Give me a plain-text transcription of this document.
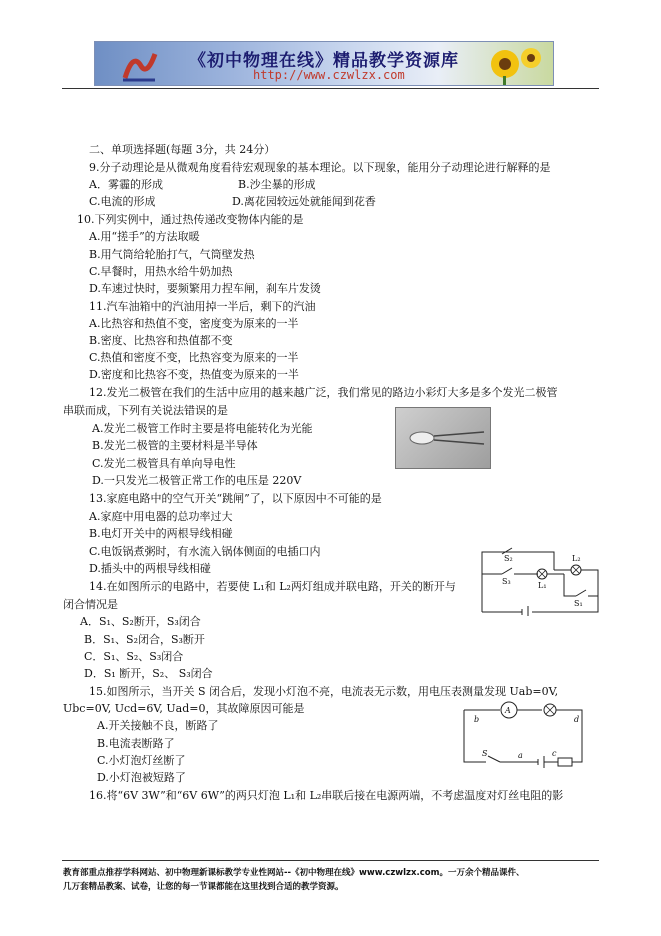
《初中物理在线》精品教学资源库
http://www.czwlzx.com
二、单项选择题(每题 3分，共 24分）
9.分子动理论是从微观角度看待宏观现象的基本理论。以下现象，能用分子动理论进行解释的是
A．雾霾的形成	B.沙尘暴的形成
C.电流的形成	D.离花园较远处就能闻到花香
10.下列实例中，通过热传递改变物体内能的是
A.用“搓手”的方法取暖
B.用气筒给轮胎打气，气筒壁发热
C.早餐时，用热水给牛奶加热
D.车速过快时，要频繁用力捏车闸，刹车片发烫
11.汽车油箱中的汽油用掉一半后，剩下的汽油
A.比热容和热值不变，密度变为原来的一半
B.密度、比热容和热值都不变
C.热值和密度不变，比热容变为原来的一半
D.密度和比热容不变，热值变为原来的一半
12.发光二极管在我们的生活中应用的越来越广泛，我们常见的路边小彩灯大多是多个发光二极管
串联而成，下列有关说法错误的是
A.发光二极管工作时主要是将电能转化为光能
B.发光二极管的主要材料是半导体
C.发光二极管具有单向导电性
D.一只发光二极管正常工作的电压是 220V
13.家庭电路中的空气开关“跳闸”了，以下原因中不可能的是
A.家庭中用电器的总功率过大
B.电灯开关中的两根导线相碰
C.电饭锅煮粥时，有水流入锅体侧面的电插口内
D.插头中的两根导线相碰
S₂
S₃
S₁
L₁
L₂
14.在如图所示的电路中，若要使 L₁和 L₂两灯组成并联电路，开关的断开与
闭合情况是
A．S₁、S₂断开，S₃闭合
B．S₁、S₂闭合，S₃断开
C．S₁、S₂、S₃闭合
D．S₁ 断开，S₂、 S₃闭合
15.如图所示，当开关 S 闭合后，发现小灯泡不亮，电流表无示数，用电压表测量发现 Uab=0V,
Ubc=0V, Ucd=6V, Uad=0，其故障原因可能是
A.开关接触不良，断路了
B.电流表断路了
C.小灯泡灯丝断了
D.小灯泡被短路了
b
A
d
S	a	c
16.将“6V 3W”和“6V 6W”的两只灯泡 L₁和 L₂串联后接在电源两端，不考虑温度对灯丝电阻的影
教育部重点推荐学科网站、初中物理新课标教学专业性网站--《初中物理在线》www.czwlzx.com。一万余个精品课件、
几万套精品教案、试卷，让您的每一节课都能在这里找到合适的教学资源。
